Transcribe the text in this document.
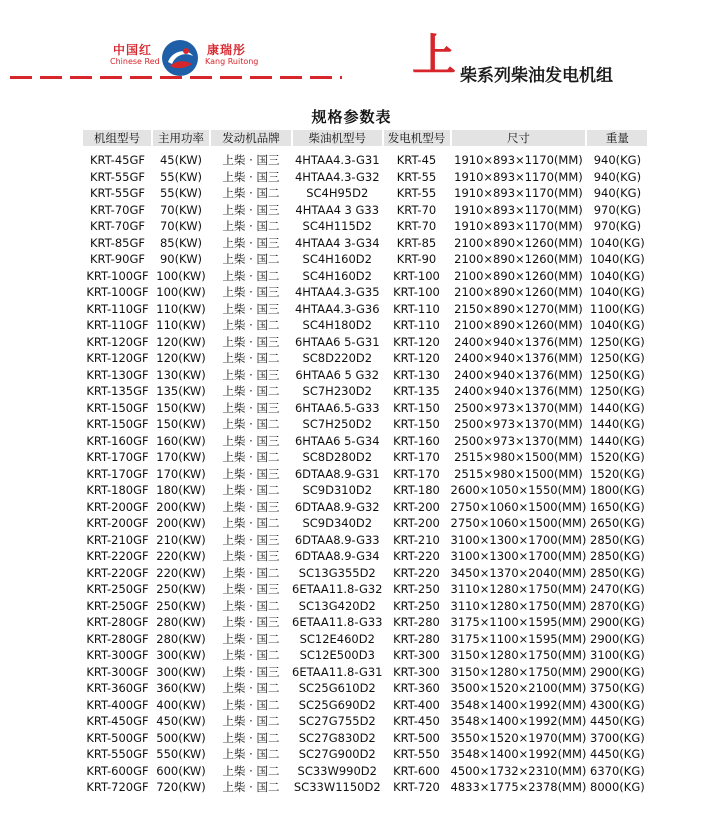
中国红
Chinese Red
康瑞彤
Kang Ruitong	上 柴系列柴油发电机组
规格参数表
机组型号	主用功率	发动机品牌	柴油机型号	发电机型号	尺寸	重量

KRT-45GF	45(KW)	上柴 · 国三	4HTAA4.3-G31	KRT-45	1910×893×1170(MM)	940(KG)
KRT-55GF	55(KW)	上柴 · 国三	4HTAA4.3-G32	KRT-55	1910×893×1170(MM)	940(KG)
KRT-55GF	55(KW)	上柴 · 国二	SC4H95D2	KRT-55	1910×893×1170(MM)	940(KG)
KRT-70GF	70(KW)	上柴 · 国三	4HTAA4 3 G33	KRT-70	1910×893×1170(MM)	970(KG)
KRT-70GF	70(KW)	上柴 · 国二	SC4H115D2	KRT-70	1910×893×1170(MM)	970(KG)
KRT-85GF	85(KW)	上柴 · 国三	4HTAA4 3-G34	KRT-85	2100×890×1260(MM)	1040(KG)
KRT-90GF	90(KW)	上柴 · 国二	SC4H160D2	KRT-90	2100×890×1260(MM)	1040(KG)
KRT-100GF	100(KW)	上柴 · 国二	SC4H160D2	KRT-100	2100×890×1260(MM)	1040(KG)
KRT-100GF	100(KW)	上柴 · 国三	4HTAA4.3-G35	KRT-100	2100×890×1260(MM)	1040(KG)
KRT-110GF	110(KW)	上柴 · 国三	4HTAA4.3-G36	KRT-110	2150×890×1270(MM)	1100(KG)
KRT-110GF	110(KW)	上柴 · 国二	SC4H180D2	KRT-110	2100×890×1260(MM)	1040(KG)
KRT-120GF	120(KW)	上柴 · 国三	6HTAA6 5-G31	KRT-120	2400×940×1376(MM)	1250(KG)
KRT-120GF	120(KW)	上柴 · 国二	SC8D220D2	KRT-120	2400×940×1376(MM)	1250(KG)
KRT-130GF	130(KW)	上柴 · 国三	6HTAA6 5 G32	KRT-130	2400×940×1376(MM)	1250(KG)
KRT-135GF	135(KW)	上柴 · 国二	SC7H230D2	KRT-135	2400×940×1376(MM)	1250(KG)
KRT-150GF	150(KW)	上柴 · 国三	6HTAA6.5-G33	KRT-150	2500×973×1370(MM)	1440(KG)
KRT-150GF	150(KW)	上柴 · 国二	SC7H250D2	KRT-150	2500×973×1370(MM)	1440(KG)
KRT-160GF	160(KW)	上柴 · 国三	6HTAA6 5-G34	KRT-160	2500×973×1370(MM)	1440(KG)
KRT-170GF	170(KW)	上柴 · 国二	SC8D280D2	KRT-170	2515×980×1500(MM)	1520(KG)
KRT-170GF	170(KW)	上柴 · 国三	6DTAA8.9-G31	KRT-170	2515×980×1500(MM)	1520(KG)
KRT-180GF	180(KW)	上柴 · 国二	SC9D310D2	KRT-180	2600×1050×1550(MM)	1800(KG)
KRT-200GF	200(KW)	上柴 · 国三	6DTAA8.9-G32	KRT-200	2750×1060×1500(MM)	1650(KG)
KRT-200GF	200(KW)	上柴 · 国二	SC9D340D2	KRT-200	2750×1060×1500(MM)	2650(KG)
KRT-210GF	210(KW)	上柴 · 国三	6DTAA8.9-G33	KRT-210	3100×1300×1700(MM)	2850(KG)
KRT-220GF	220(KW)	上柴 · 国三	6DTAA8.9-G34	KRT-220	3100×1300×1700(MM)	2850(KG)
KRT-220GF	220(KW)	上柴 · 国二	SC13G355D2	KRT-220	3450×1370×2040(MM)	2850(KG)
KRT-250GF	250(KW)	上柴 · 国三	6ETAA11.8-G32	KRT-250	3110×1280×1750(MM)	2470(KG)
KRT-250GF	250(KW)	上柴 · 国二	SC13G420D2	KRT-250	3110×1280×1750(MM)	2870(KG)
KRT-280GF	280(KW)	上柴 · 国三	6ETAA11.8-G33	KRT-280	3175×1100×1595(MM)	2900(KG)
KRT-280GF	280(KW)	上柴 · 国二	SC12E460D2	KRT-280	3175×1100×1595(MM)	2900(KG)
KRT-300GF	300(KW)	上柴 · 国二	SC12E500D3	KRT-300	3150×1280×1750(MM)	3100(KG)
KRT-300GF	300(KW)	上柴 · 国三	6ETAA11.8-G31	KRT-300	3150×1280×1750(MM)	2900(KG)
KRT-360GF	360(KW)	上柴 · 国二	SC25G610D2	KRT-360	3500×1520×2100(MM)	3750(KG)
KRT-400GF	400(KW)	上柴 · 国二	SC25G690D2	KRT-400	3548×1400×1992(MM)	4300(KG)
KRT-450GF	450(KW)	上柴 · 国二	SC27G755D2	KRT-450	3548×1400×1992(MM)	4450(KG)
KRT-500GF	500(KW)	上柴 · 国二	SC27G830D2	KRT-500	3550×1520×1970(MM)	3700(KG)
KRT-550GF	550(KW)	上柴 · 国二	SC27G900D2	KRT-550	3548×1400×1992(MM)	4450(KG)
KRT-600GF	600(KW)	上柴 · 国二	SC33W990D2	KRT-600	4500×1732×2310(MM)	6370(KG)
KRT-720GF	720(KW)	上柴 · 国二	SC33W1150D2	KRT-720	4833×1775×2378(MM)	8000(KG)
